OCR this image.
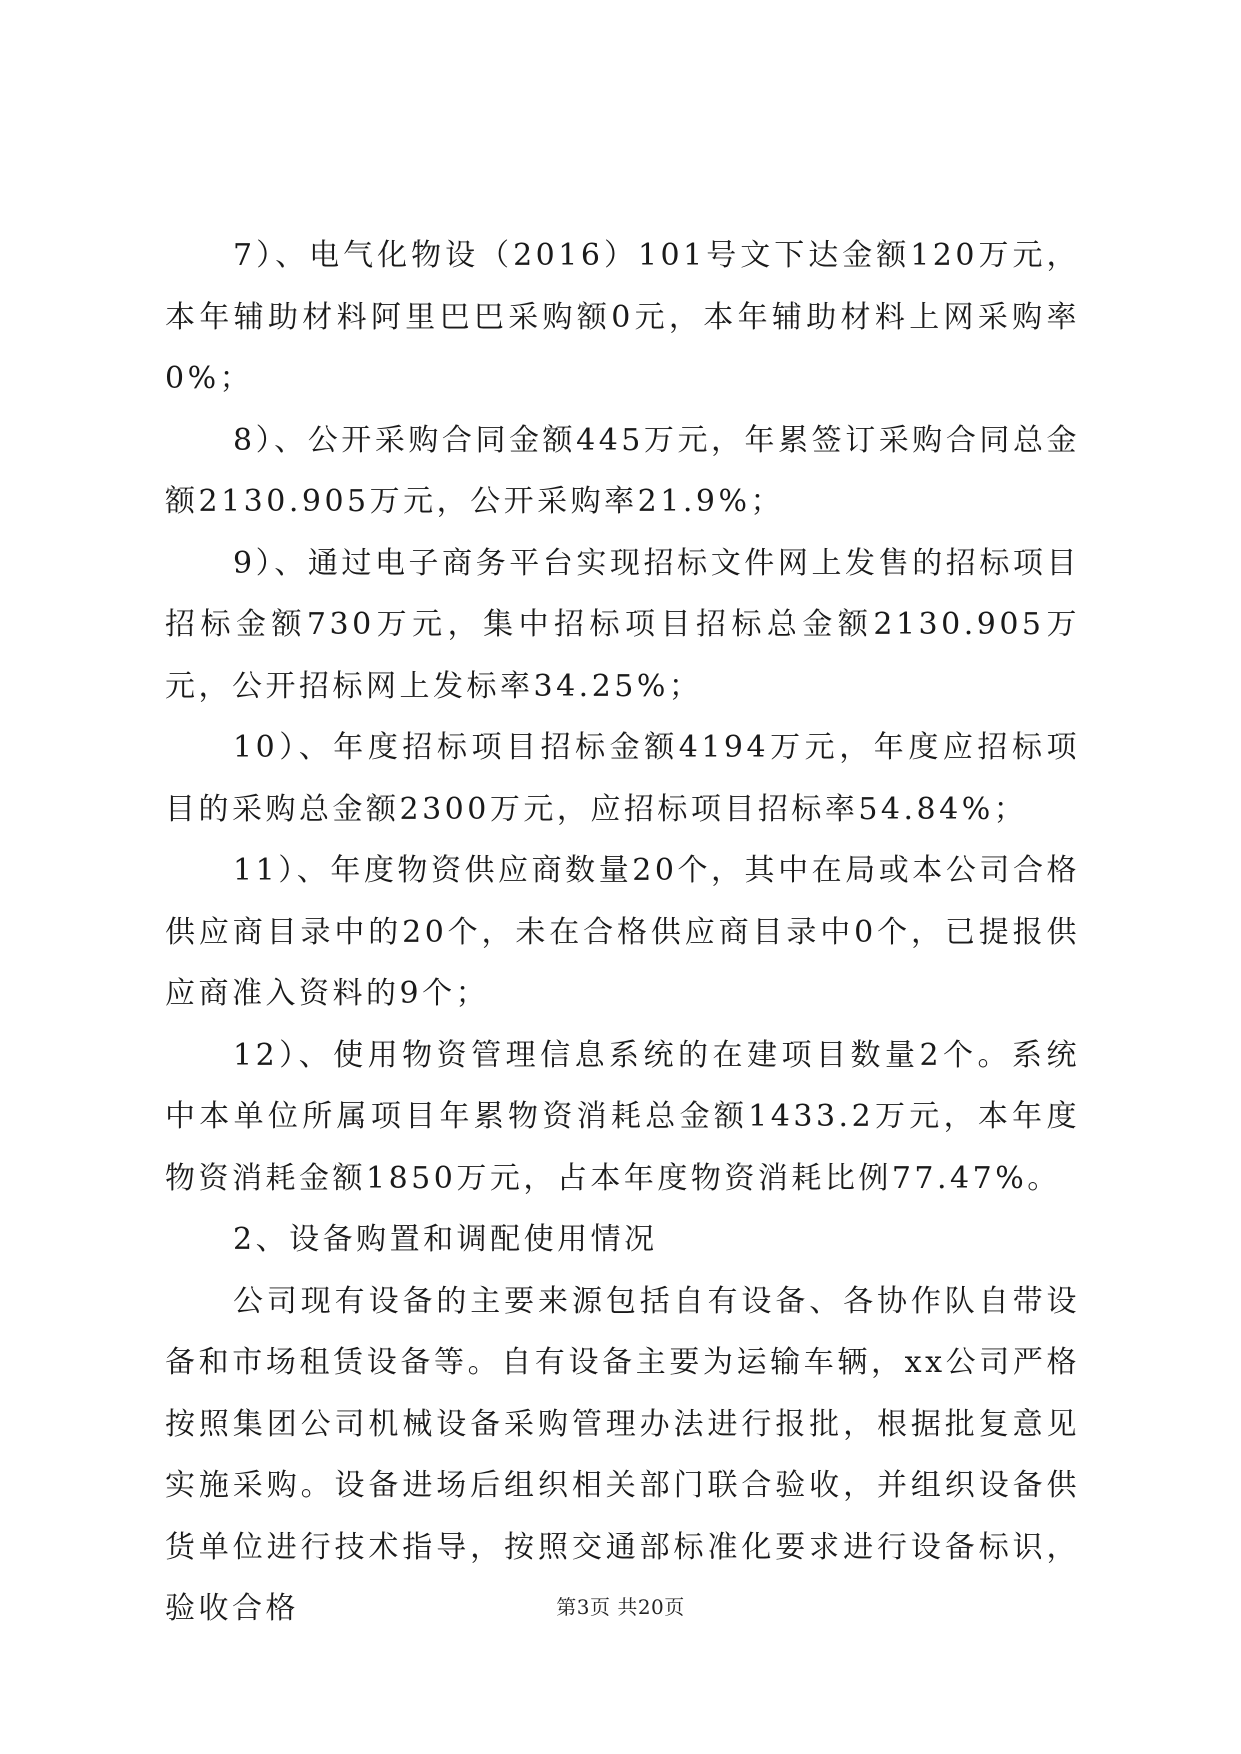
7）、电气化物设（2016）101号文下达金额120万元，本年辅助材料阿里巴巴采购额0元，本年辅助材料上网采购率0%；

8）、公开采购合同金额445万元，年累签订采购合同总金额2130.905万元，公开采购率21.9%；

9）、通过电子商务平台实现招标文件网上发售的招标项目招标金额730万元，集中招标项目招标总金额2130.905万元，公开招标网上发标率34.25%；

10）、年度招标项目招标金额4194万元，年度应招标项目的采购总金额2300万元，应招标项目招标率54.84%；

11）、年度物资供应商数量20个，其中在局或本公司合格供应商目录中的20个，未在合格供应商目录中0个，已提报供应商准入资料的9个；

12）、使用物资管理信息系统的在建项目数量2个。系统中本单位所属项目年累物资消耗总金额1433.2万元，本年度物资消耗金额1850万元，占本年度物资消耗比例77.47%。

2、设备购置和调配使用情况

公司现有设备的主要来源包括自有设备、各协作队自带设备和市场租赁设备等。自有设备主要为运输车辆，xx公司严格按照集团公司机械设备采购管理办法进行报批，根据批复意见实施采购。设备进场后组织相关部门联合验收，并组织设备供货单位进行技术指导，按照交通部标准化要求进行设备标识，验收合格	第3页 共20页
